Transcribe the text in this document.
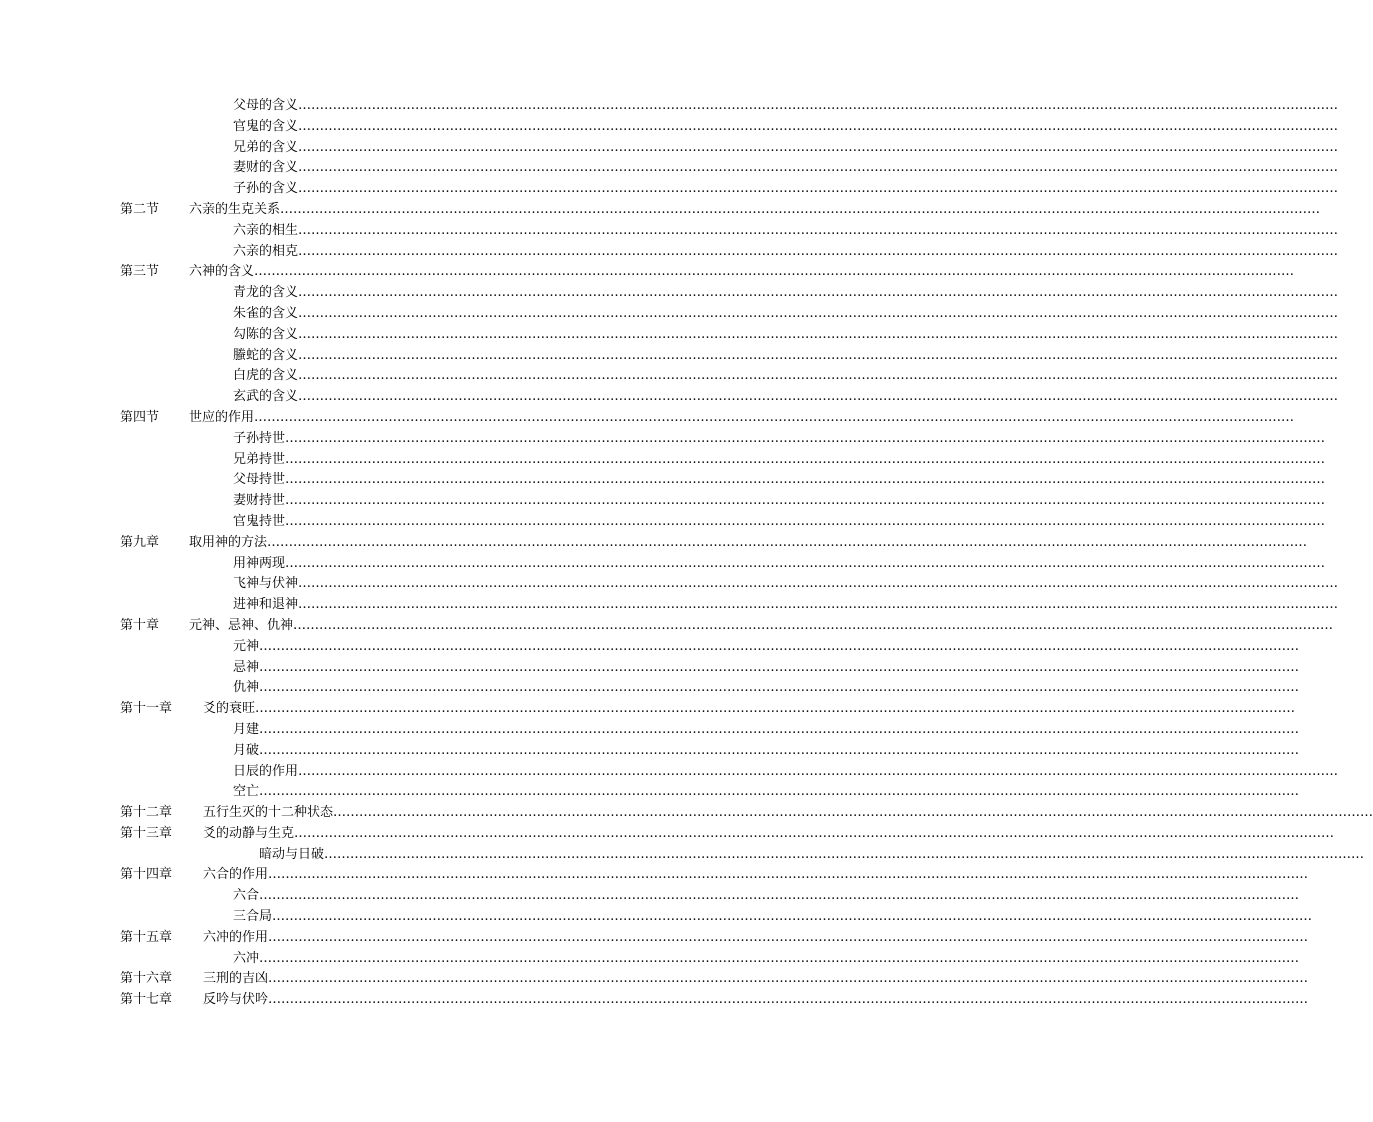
父母的含义……………………………………………………………………………………………………………………………………………………………………………………………………………………
官鬼的含义……………………………………………………………………………………………………………………………………………………………………………………………………………………
兄弟的含义……………………………………………………………………………………………………………………………………………………………………………………………………………………
妻财的含义……………………………………………………………………………………………………………………………………………………………………………………………………………………
子孙的含义……………………………………………………………………………………………………………………………………………………………………………………………………………………
第二节 六亲的生克关系……………………………………………………………………………………………………………………………………………………………………………………………………………………
六亲的相生……………………………………………………………………………………………………………………………………………………………………………………………………………………
六亲的相克……………………………………………………………………………………………………………………………………………………………………………………………………………………
第三节 六神的含义……………………………………………………………………………………………………………………………………………………………………………………………………………………
青龙的含义……………………………………………………………………………………………………………………………………………………………………………………………………………………
朱雀的含义……………………………………………………………………………………………………………………………………………………………………………………………………………………
勾陈的含义……………………………………………………………………………………………………………………………………………………………………………………………………………………
螣蛇的含义……………………………………………………………………………………………………………………………………………………………………………………………………………………
白虎的含义……………………………………………………………………………………………………………………………………………………………………………………………………………………
玄武的含义……………………………………………………………………………………………………………………………………………………………………………………………………………………
第四节 世应的作用……………………………………………………………………………………………………………………………………………………………………………………………………………………
子孙持世……………………………………………………………………………………………………………………………………………………………………………………………………………………
兄弟持世……………………………………………………………………………………………………………………………………………………………………………………………………………………
父母持世……………………………………………………………………………………………………………………………………………………………………………………………………………………
妻财持世……………………………………………………………………………………………………………………………………………………………………………………………………………………
官鬼持世……………………………………………………………………………………………………………………………………………………………………………………………………………………
第九章 取用神的方法……………………………………………………………………………………………………………………………………………………………………………………………………………………
用神两现……………………………………………………………………………………………………………………………………………………………………………………………………………………
飞神与伏神……………………………………………………………………………………………………………………………………………………………………………………………………………………
进神和退神……………………………………………………………………………………………………………………………………………………………………………………………………………………
第十章 元神、忌神、仇神……………………………………………………………………………………………………………………………………………………………………………………………………………………
元神……………………………………………………………………………………………………………………………………………………………………………………………………………………
忌神……………………………………………………………………………………………………………………………………………………………………………………………………………………
仇神……………………………………………………………………………………………………………………………………………………………………………………………………………………
第十一章 爻的衰旺……………………………………………………………………………………………………………………………………………………………………………………………………………………
月建……………………………………………………………………………………………………………………………………………………………………………………………………………………
月破……………………………………………………………………………………………………………………………………………………………………………………………………………………
日辰的作用……………………………………………………………………………………………………………………………………………………………………………………………………………………
空亡……………………………………………………………………………………………………………………………………………………………………………………………………………………
第十二章 五行生灭的十二种状态……………………………………………………………………………………………………………………………………………………………………………………………………………………
第十三章 爻的动静与生克……………………………………………………………………………………………………………………………………………………………………………………………………………………
暗动与日破……………………………………………………………………………………………………………………………………………………………………………………………………………………
第十四章 六合的作用……………………………………………………………………………………………………………………………………………………………………………………………………………………
六合……………………………………………………………………………………………………………………………………………………………………………………………………………………
三合局……………………………………………………………………………………………………………………………………………………………………………………………………………………
第十五章 六冲的作用……………………………………………………………………………………………………………………………………………………………………………………………………………………
六冲……………………………………………………………………………………………………………………………………………………………………………………………………………………
第十六章 三刑的吉凶……………………………………………………………………………………………………………………………………………………………………………………………………………………
第十七章 反吟与伏吟……………………………………………………………………………………………………………………………………………………………………………………………………………………
